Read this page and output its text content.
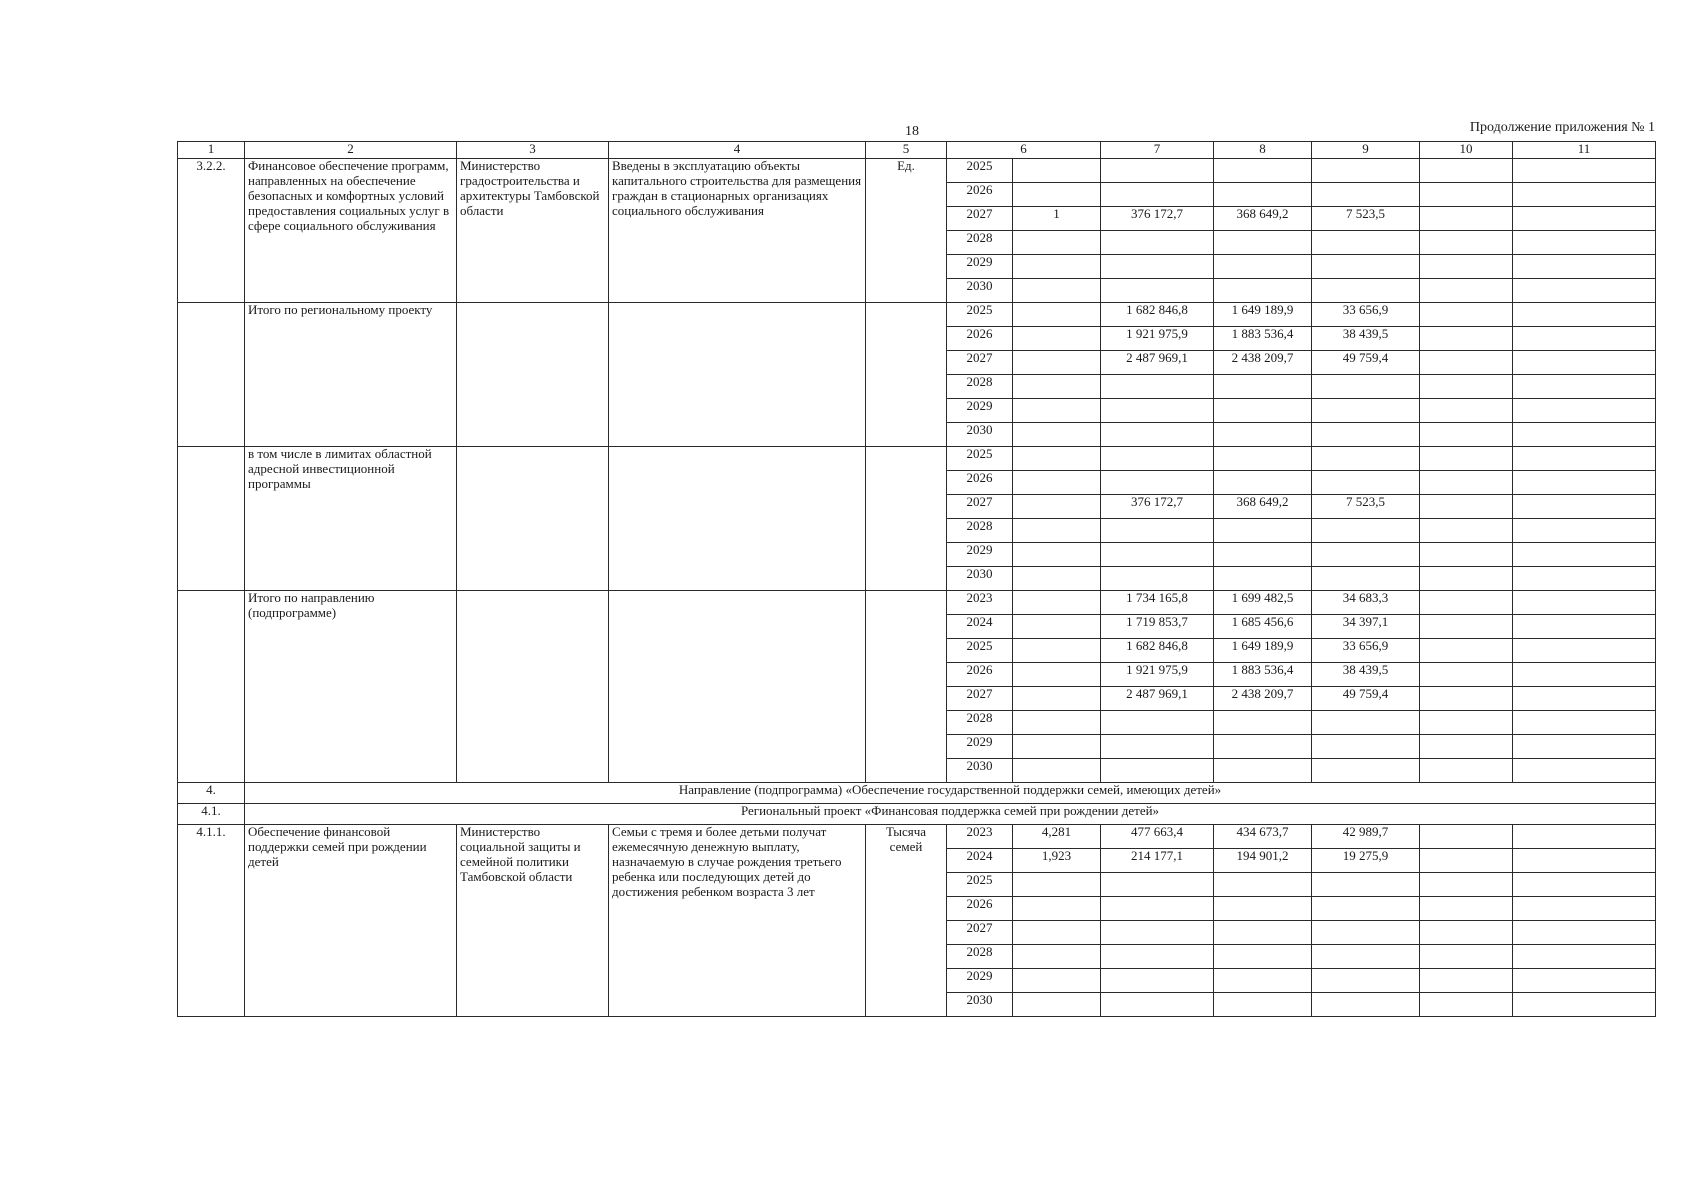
18	Продолжение приложения № 1
1	2	3	4	5	6		7	8	9	10	11
3.2.2.	Финансовое обеспечение программ, направленных на обеспечение безопасных и комфортных условий предоставления социальных услуг в сфере социального обслуживания	Министерство градостроительства и архитектуры Тамбовской области	Введены в эксплуатацию объекты капитального строительства для размещения граждан в стационарных организациях социального обслуживания	Ед.	2025						
					2026						
					2027	1	376 172,7	368 649,2	7 523,5		
					2028						
					2029						
					2030						
	Итого по региональному проекту				2025		1 682 846,8	1 649 189,9	33 656,9		
					2026		1 921 975,9	1 883 536,4	38 439,5		
					2027		2 487 969,1	2 438 209,7	49 759,4		
					2028						
					2029						
					2030						
	в том числе в лимитах областной адресной инвестиционной программы				2025						
					2026						
					2027		376 172,7	368 649,2	7 523,5		
					2028						
					2029						
					2030						
	Итого по направлению (подпрограмме)				2023		1 734 165,8	1 699 482,5	34 683,3		
					2024		1 719 853,7	1 685 456,6	34 397,1		
					2025		1 682 846,8	1 649 189,9	33 656,9		
					2026		1 921 975,9	1 883 536,4	38 439,5		
					2027		2 487 969,1	2 438 209,7	49 759,4		
					2028						
					2029						
					2030						
4.	Направление (подпрограмма) «Обеспечение государственной поддержки семей, имеющих детей»										
4.1.	Региональный проект «Финансовая поддержка семей при рождении детей»										
4.1.1.	Обеспечение финансовой поддержки семей при рождении детей	Министерство социальной защиты и семейной политики Тамбовской области	Семьи с тремя и более детьми получат ежемесячную денежную выплату, назначаемую в случае рождения третьего ребенка или последующих детей до достижения ребенком возраста 3 лет	Тысяча семей	2023	4,281	477 663,4	434 673,7	42 989,7		
					2024	1,923	214 177,1	194 901,2	19 275,9		
					2025						
					2026						
					2027						
					2028						
					2029						
					2030						
